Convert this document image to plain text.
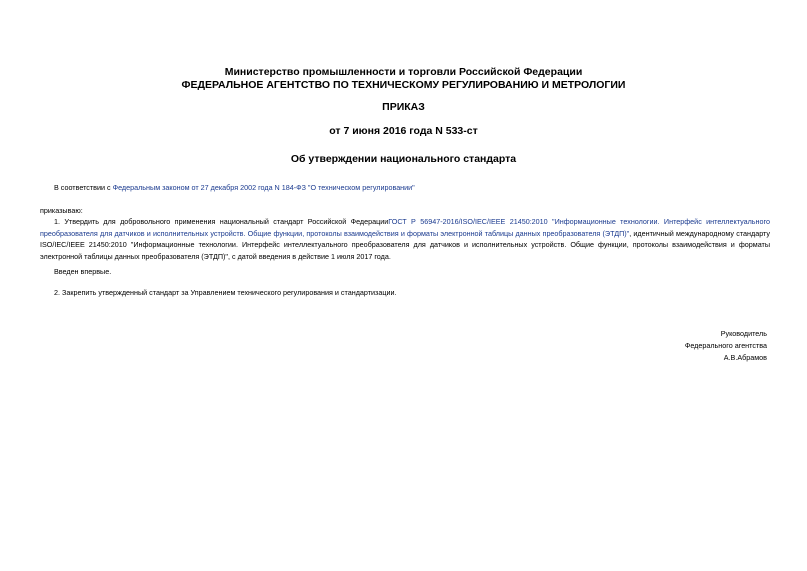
Министерство промышленности и торговли Российской Федерации
ФЕДЕРАЛЬНОЕ АГЕНТСТВО ПО ТЕХНИЧЕСКОМУ РЕГУЛИРОВАНИЮ И МЕТРОЛОГИИ
ПРИКАЗ
от 7 июня 2016 года N 533-ст
Об утверждении национального стандарта
В соответствии с Федеральным законом от 27 декабря 2002 года N 184-ФЗ "О техническом регулировании"
приказываю:
1. Утвердить для добровольного применения национальный стандарт Российской ФедерацииГОСТ Р 56947-2016/ISO/IEC/IEEE 21450:2010 "Информационные технологии. Интерфейс интеллектуального преобразователя для датчиков и исполнительных устройств. Общие функции, протоколы взаимодействия и форматы электронной таблицы данных преобразователя (ЭТДП)", идентичный международному стандарту ISO/IEC/IEEE 21450:2010 "Информационные технологии. Интерфейс интеллектуального преобразователя для датчиков и исполнительных устройств. Общие функции, протоколы взаимодействия и форматы электронной таблицы данных преобразователя (ЭТДП)", с датой введения в действие 1 июля 2017 года.
Введен впервые.
2. Закрепить утвержденный стандарт за Управлением технического регулирования и стандартизации.
Руководитель
Федерального агентства
А.В.Абрамов
